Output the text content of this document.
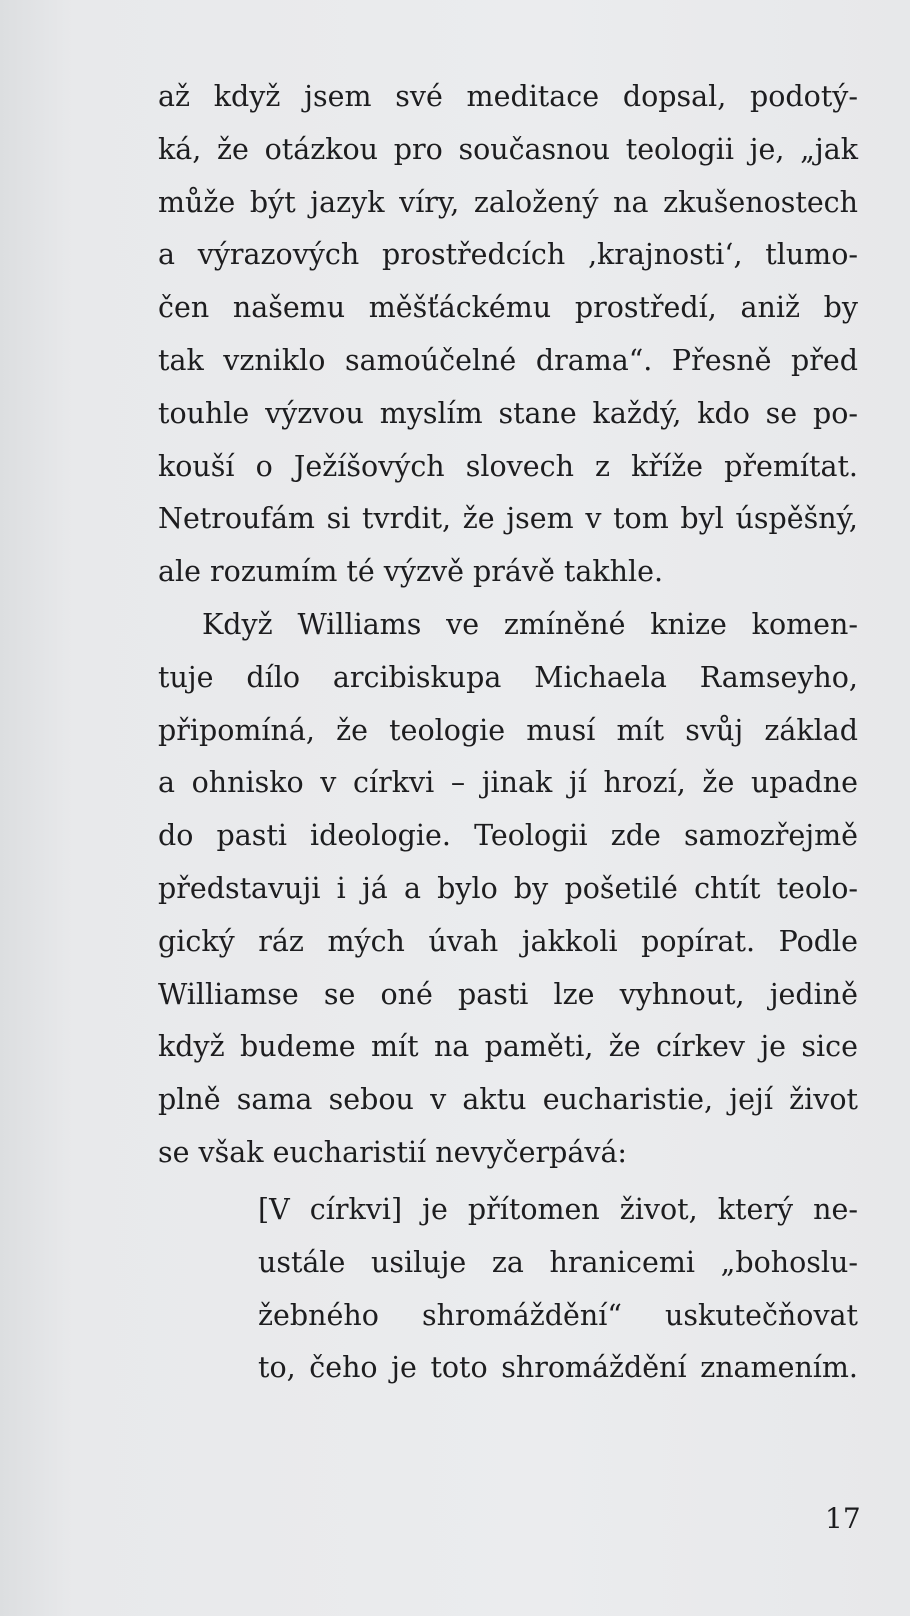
až když jsem své meditace dopsal, podotý-
ká, že otázkou pro současnou teologii je, „jak
může být jazyk víry, založený na zkušenostech
a výrazových prostředcích ‚krajnosti‘, tlumo-
čen našemu měšťáckému prostředí, aniž by
tak vzniklo samoúčelné drama“. Přesně před
touhle výzvou myslím stane každý, kdo se po-
kouší o Ježíšových slovech z kříže přemítat.
Netroufám si tvrdit, že jsem v tom byl úspěšný,
ale rozumím té výzvě právě takhle.
Když Williams ve zmíněné knize komen-
tuje dílo arcibiskupa Michaela Ramseyho,
připomíná, že teologie musí mít svůj základ
a ohnisko v církvi – jinak jí hrozí, že upadne
do pasti ideologie. Teologii zde samozřejmě
představuji i já a bylo by pošetilé chtít teolo-
gický ráz mých úvah jakkoli popírat. Podle
Williamse se oné pasti lze vyhnout, jedině
když budeme mít na paměti, že církev je sice
plně sama sebou v aktu eucharistie, její život
se však eucharistií nevyčerpává:
[V církvi] je přítomen život, který ne-
ustále usiluje za hranicemi „bohoslu-
žebného shromáždění“ uskutečňovat
to, čeho je toto shromáždění znamením.
17
